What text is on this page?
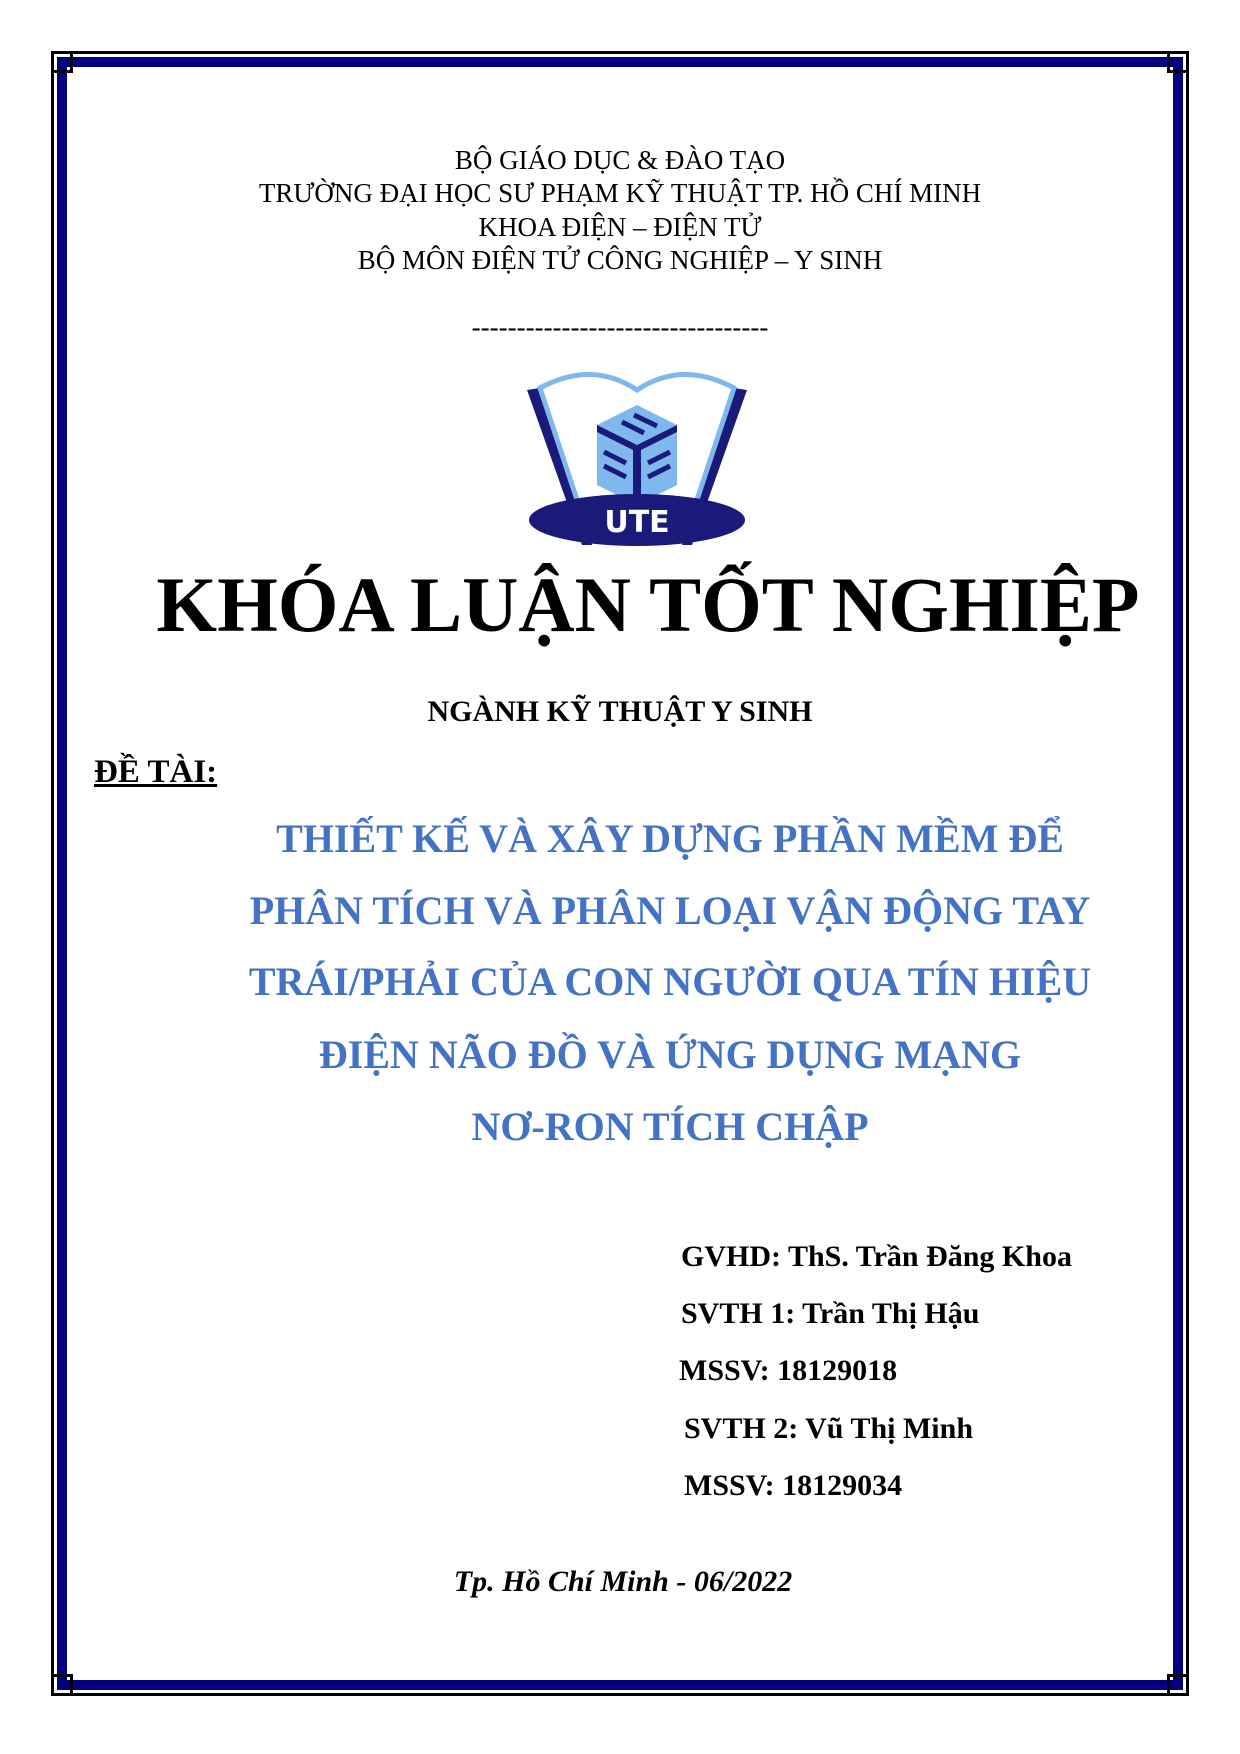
BỘ GIÁO DỤC & ĐÀO TẠO
TRƯỜNG ĐẠI HỌC SƯ PHẠM KỸ THUẬT TP. HỒ CHÍ MINH
KHOA ĐIỆN – ĐIỆN TỬ
BỘ MÔN ĐIỆN TỬ CÔNG NGHIỆP – Y SINH
---------------------------------
UTE
KHÓA LUẬN TỐT NGHIỆP
NGÀNH KỸ THUẬT Y SINH
ĐỀ TÀI:
THIẾT KẾ VÀ XÂY DỰNG PHẦN MỀM ĐỂ
PHÂN TÍCH VÀ PHÂN LOẠI VẬN ĐỘNG TAY
TRÁI/PHẢI CỦA CON NGƯỜI QUA TÍN HIỆU
ĐIỆN NÃO ĐỒ VÀ ỨNG DỤNG MẠNG
NƠ-RON TÍCH CHẬP
GVHD: ThS. Trần Đăng Khoa
SVTH 1: Trần Thị Hậu
MSSV: 18129018
SVTH 2: Vũ Thị Minh
MSSV: 18129034
Tp. Hồ Chí Minh - 06/2022
